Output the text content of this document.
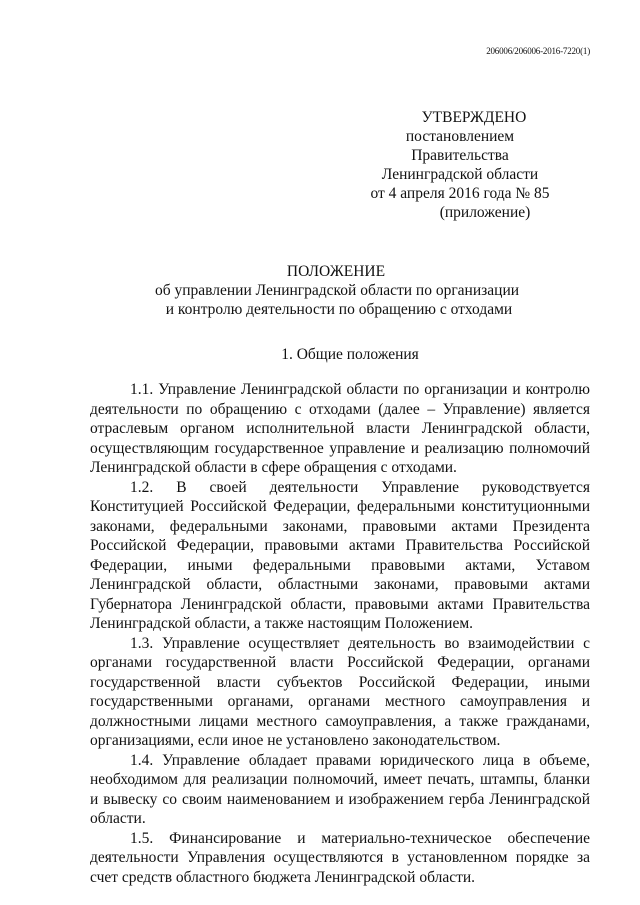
206006/206006-2016-7220(1)
УТВЕРЖДЕНО
постановлением Правительства
Ленинградской области
от 4 апреля 2016 года № 85
(приложение)
ПОЛОЖЕНИЕ
об управлении Ленинградской области по организации
и контролю деятельности по обращению с отходами
1. Общие положения

1.1. Управление Ленинградской области по организации и контролю деятельности по обращению с отходами (далее – Управление) является отраслевым органом исполнительной власти Ленинградской области, осуществляющим государственное управление и реализацию полномочий Ленинградской области в сфере обращения с отходами.

1.2. В своей деятельности Управление руководствуется Конституцией Российской Федерации, федеральными конституционными законами, федеральными законами, правовыми актами Президента Российской Федерации, правовыми актами Правительства Российской Федерации, иными федеральными правовыми актами, Уставом Ленинградской области, областными законами, правовыми актами Губернатора Ленинградской области, правовыми актами Правительства Ленинградской области, а также настоящим Положением.

1.3. Управление осуществляет деятельность во взаимодействии с органами государственной власти Российской Федерации, органами государственной власти субъектов Российской Федерации, иными государственными органами, органами местного самоуправления и должностными лицами местного самоуправления, а также гражданами, организациями, если иное не установлено законодательством.

1.4. Управление обладает правами юридического лица в объеме, необходимом для реализации полномочий, имеет печать, штампы, бланки и вывеску со своим наименованием и изображением герба Ленинградской области.

1.5. Финансирование и материально-техническое обеспечение деятельности Управления осуществляются в установленном порядке за счет средств областного бюджета Ленинградской области.
